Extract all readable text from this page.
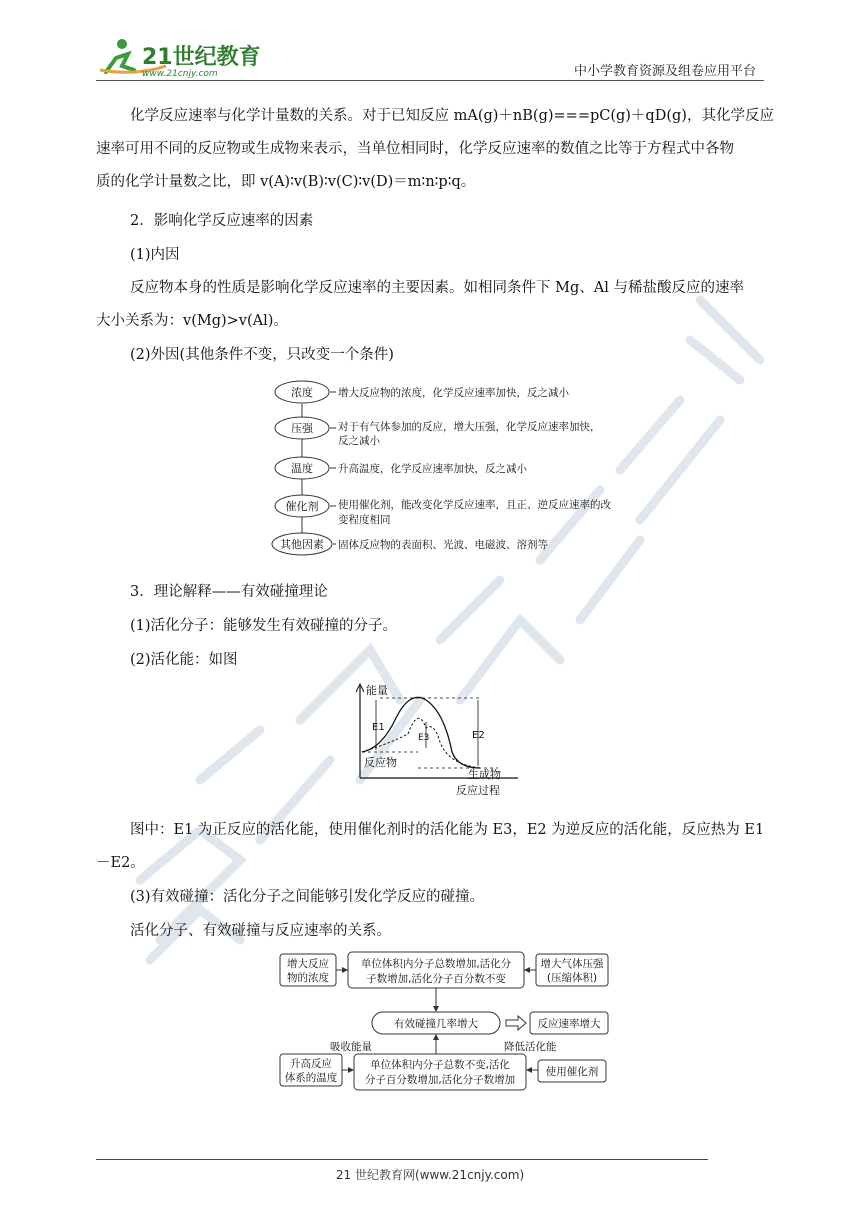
21世纪教育
www.21cnjy.com	中小学教育资源及组卷应用平台
化学反应速率与化学计量数的关系。对于已知反应 mA(g)＋nB(g)===pC(g)＋qD(g)，其化学反应
速率可用不同的反应物或生成物来表示，当单位相同时，化学反应速率的数值之比等于方程式中各物
质的化学计量数之比，即 v(A)∶v(B)∶v(C)∶v(D)＝m∶n∶p∶q。
2．影响化学反应速率的因素
(1)内因
反应物本身的性质是影响化学反应速率的主要因素。如相同条件下 Mg、Al 与稀盐酸反应的速率
大小关系为：v(Mg)>v(Al)。
(2)外因(其他条件不变，只改变一个条件)
浓度 增大反应物的浓度，化学反应速率加快，反之减小
压强 对于有气体参加的反应，增大压强，化学反应速率加快，
反之减小
温度 升高温度，化学反应速率加快，反之减小
催化剂 使用催化剂，能改变化学反应速率，且正、逆反应速率的改
变程度相同
其他因素 固体反应物的表面积、光波、电磁波、溶剂等
3．理论解释——有效碰撞理论
(1)活化分子：能够发生有效碰撞的分子。
(2)活化能：如图
能量
E1
E3	E2
反应物
生成物
反应过程
图中：E1 为正反应的活化能，使用催化剂时的活化能为 E3，E2 为逆反应的活化能，反应热为 E1
－E2。
(3)有效碰撞：活化分子之间能够引发化学反应的碰撞。
活化分子、有效碰撞与反应速率的关系。
增大反应
物的浓度
单位体积内分子总数增加,活化分
子数增加,活化分子百分数不变
增大气体压强
(压缩体积)
有效碰撞几率增大	反应速率增大
吸收能量	降低活化能
升高反应
体系的温度
单位体积内分子总数不变,活化
分子百分数增加,活化分子数增加
使用催化剂
21 世纪教育网(www.21cnjy.com)
